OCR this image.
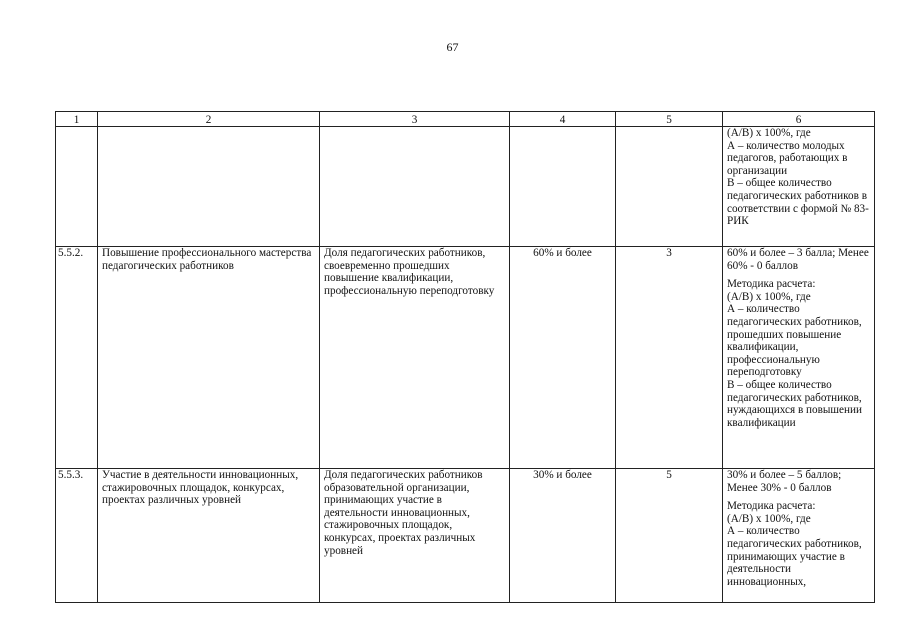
67
1	2	3	4	5	6

					(А/В) x 100%, где
А – количество молодых педагогов, работающих в организации
В – общее количество педагогических работников в соответствии с формой № 83-РИК

5.5.2.	Повышение профессионального мастерства педагогических работников	Доля педагогических работников, своевременно прошедших повышение квалификации, профессиональную переподготовку	60% и более	3	60% и более – 3 балла; Менее 60% - 0 баллов
Методика расчета:
(А/В) x 100%, где
А – количество педагогических работников, прошедших повышение квалификации, профессиональную переподготовку
В – общее количество педагогических работников, нуждающихся в повышении квалификации

5.5.3.	Участие в деятельности инновационных, стажировочных площадок, конкурсах, проектах различных уровней	Доля педагогических работников образовательной организации, принимающих участие в деятельности инновационных, стажировочных площадок, конкурсах, проектах различных уровней	30% и более	5	30% и более – 5 баллов; Менее 30% - 0 баллов
Методика расчета:
(А/В) x 100%, где
А – количество педагогических работников, принимающих участие в деятельности инновационных,
